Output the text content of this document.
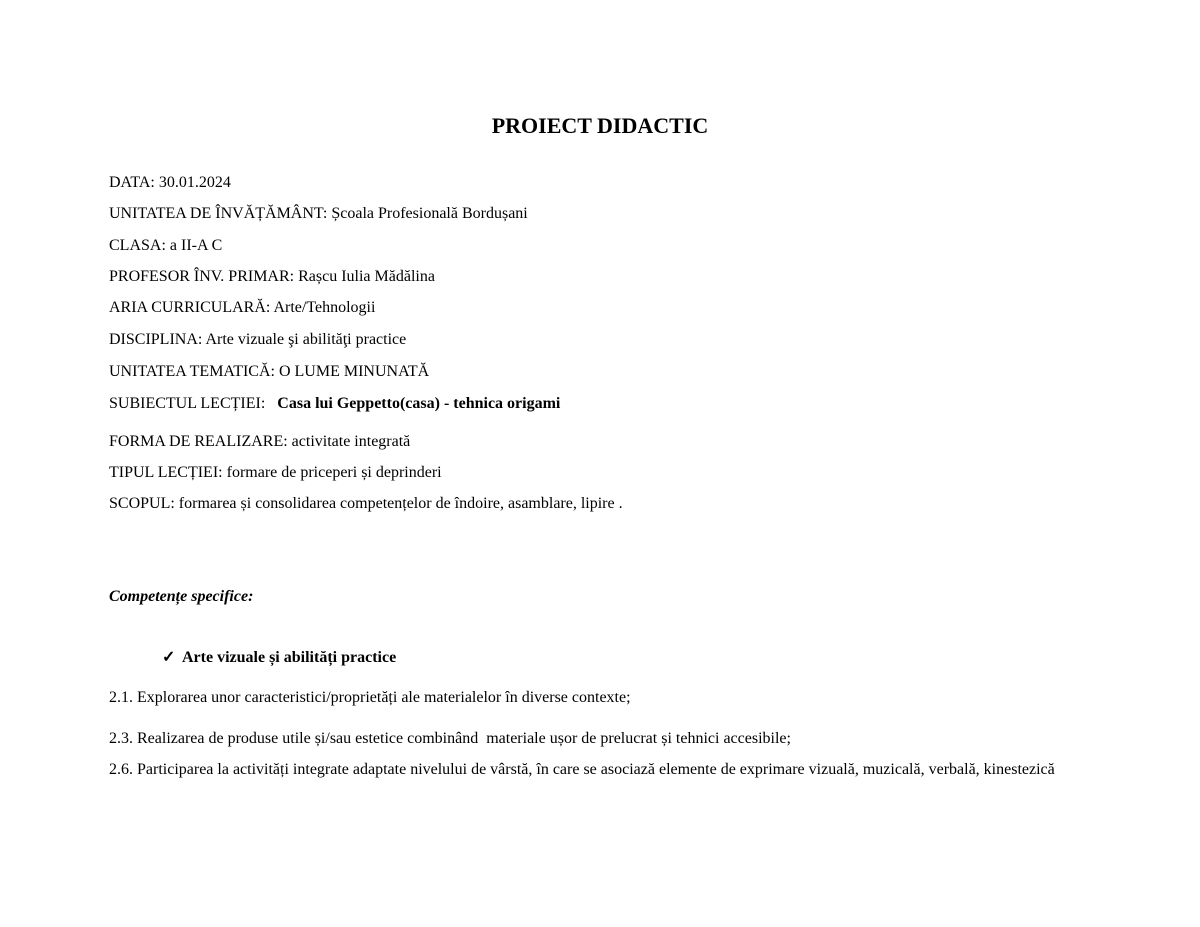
PROIECT DIDACTIC
DATA: 30.01.2024
UNITATEA DE ÎNVĂȚĂMÂNT: Școala Profesională Bordușani
CLASA: a II-A C
PROFESOR ÎNV. PRIMAR: Rașcu Iulia Mădălina
ARIA CURRICULARĂ: Arte/Tehnologii
DISCIPLINA: Arte vizuale şi abilităţi practice
UNITATEA TEMATICĂ: O LUME MINUNATĂ
SUBIECTUL LECȚIEI:   Casa lui Geppetto(casa) - tehnica origami
FORMA DE REALIZARE: activitate integrată
TIPUL LECȚIEI: formare de priceperi și deprinderi
SCOPUL: formarea și consolidarea competențelor de îndoire, asamblare, lipire .
Competențe specifice:
✓ Arte vizuale și abilități practice
2.1. Explorarea unor caracteristici/proprietăți ale materialelor în diverse contexte;
2.3. Realizarea de produse utile și/sau estetice combinând  materiale ușor de prelucrat și tehnici accesibile;
2.6. Participarea la activități integrate adaptate nivelului de vârstă, în care se asociază elemente de exprimare vizuală, muzicală, verbală, kinestezică
